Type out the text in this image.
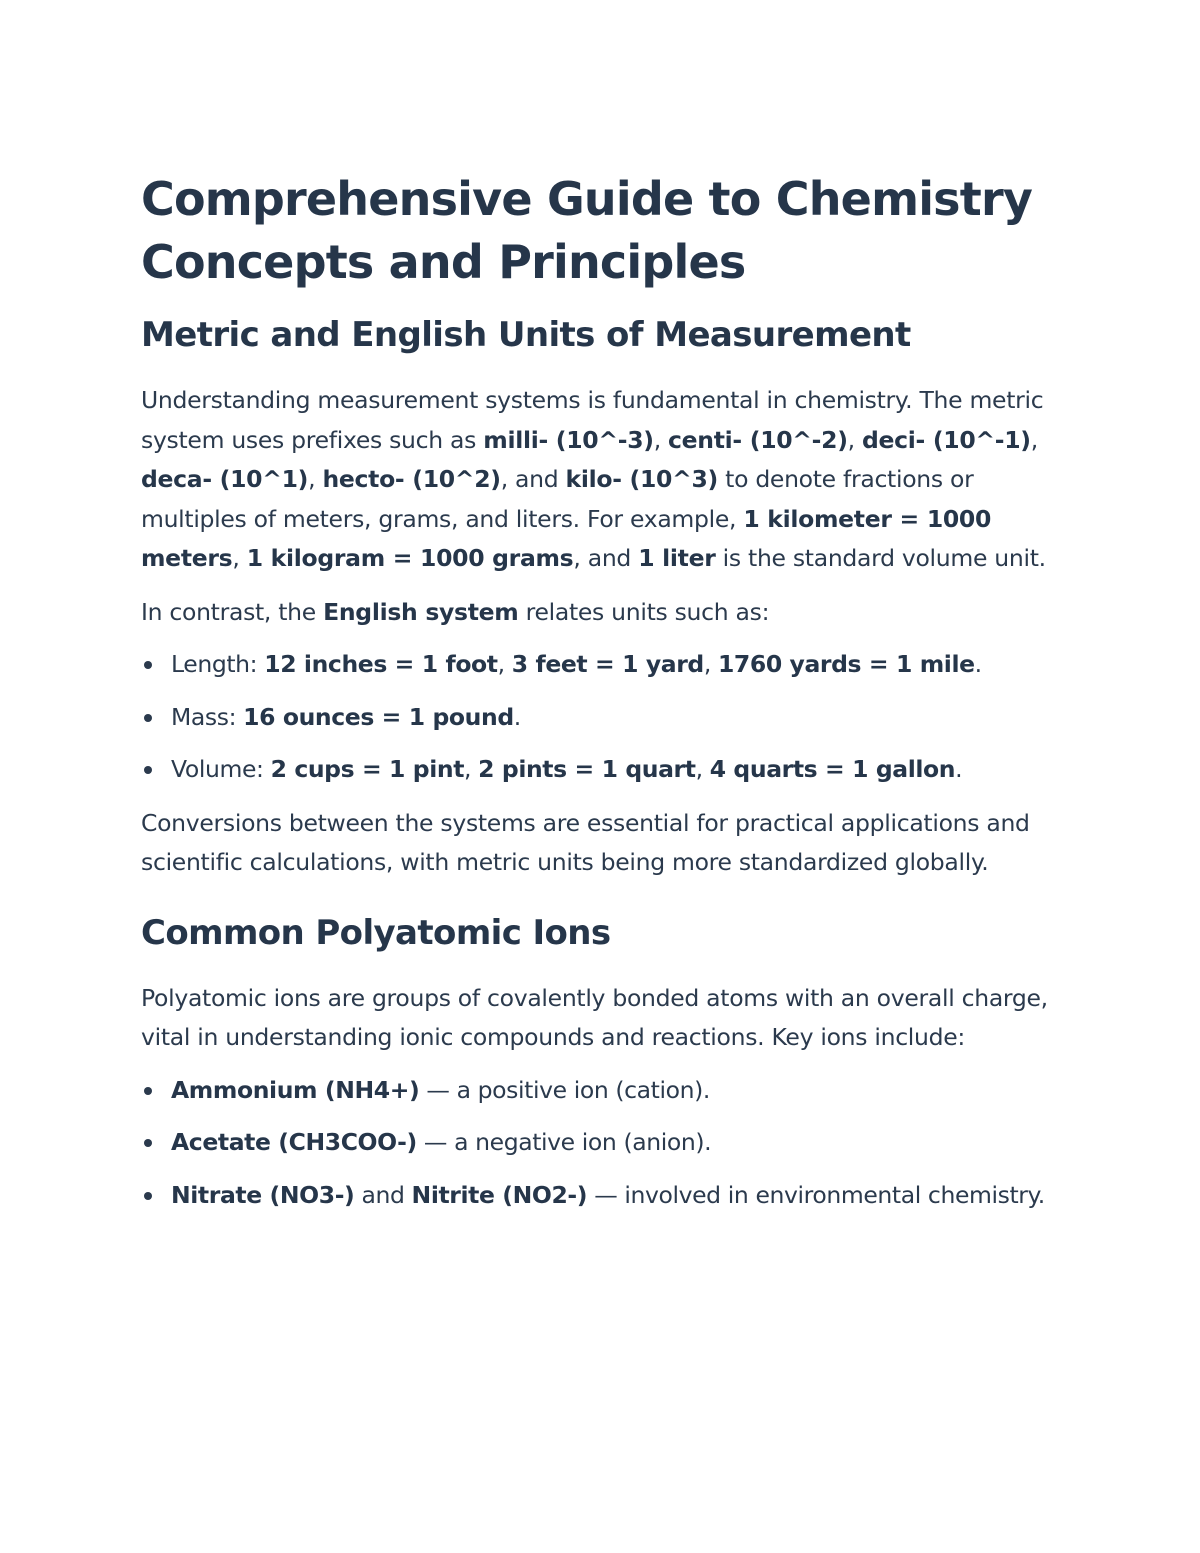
Comprehensive Guide to Chemistry Concepts and Principles
Metric and English Units of Measurement

Understanding measurement systems is fundamental in chemistry. The metric system uses prefixes such as milli- (10^-3), centi- (10^-2), deci- (10^-1), deca- (10^1), hecto- (10^2), and kilo- (10^3) to denote fractions or multiples of meters, grams, and liters. For example, 1 kilometer = 1000 meters, 1 kilogram = 1000 grams, and 1 liter is the standard volume unit.

In contrast, the English system relates units such as:

Length: 12 inches = 1 foot, 3 feet = 1 yard, 1760 yards = 1 mile.
Mass: 16 ounces = 1 pound.
Volume: 2 cups = 1 pint, 2 pints = 1 quart, 4 quarts = 1 gallon.

Conversions between the systems are essential for practical applications and scientific calculations, with metric units being more standardized globally.

Common Polyatomic Ions

Polyatomic ions are groups of covalently bonded atoms with an overall charge, vital in understanding ionic compounds and reactions. Key ions include:

Ammonium (NH4+) — a positive ion (cation).
Acetate (CH3COO-) — a negative ion (anion).
Nitrate (NO3-) and Nitrite (NO2-) — involved in environmental chemistry.
